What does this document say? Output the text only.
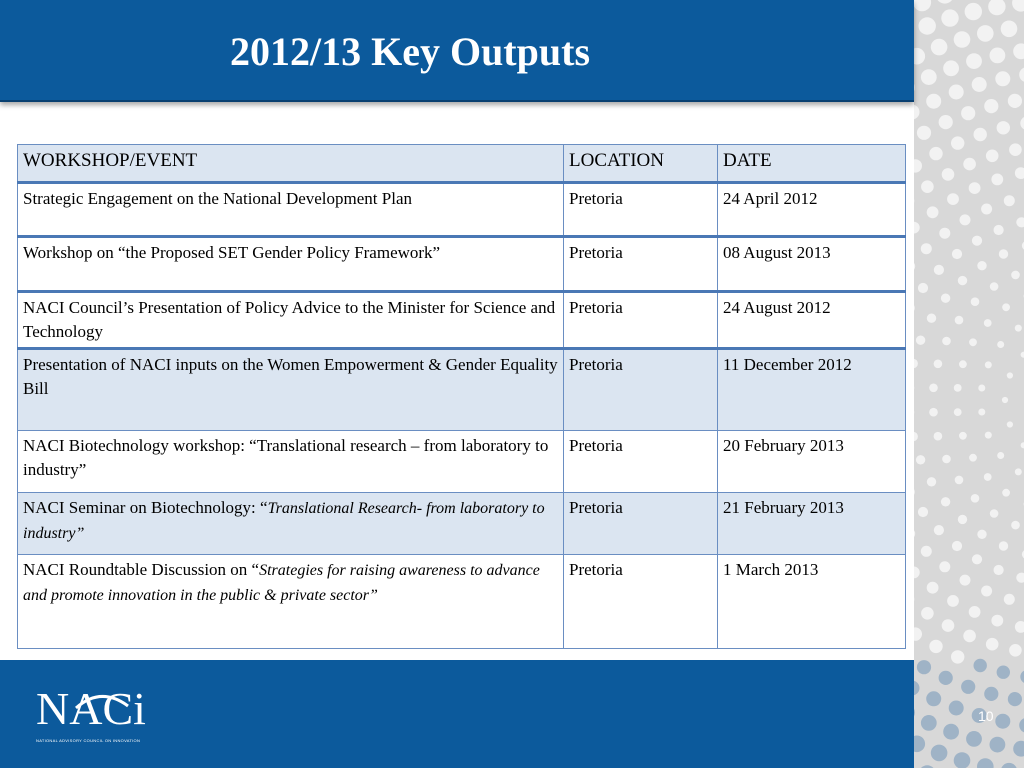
2012/13 Key Outputs
WORKSHOP/EVENT	LOCATION	DATE
Strategic Engagement on the National Development Plan	Pretoria	24 April 2012
Workshop on “the Proposed SET Gender Policy Framework”	Pretoria	08 August 2013
NACI Council’s Presentation of Policy Advice to the Minister for Science and Technology	Pretoria	24 August 2012
Presentation of NACI inputs on the Women Empowerment & Gender Equality Bill	Pretoria	11 December 2012
NACI Biotechnology workshop: “Translational research – from laboratory to industry”	Pretoria	20 February 2013
NACI Seminar on Biotechnology: “Translational Research- from laboratory to industry”	Pretoria	21 February 2013
NACI Roundtable Discussion on “Strategies for raising awareness to advance and promote innovation in the public & private sector”	Pretoria	1 March 2013
NACi
NATIONAL ADVISORY COUNCIL ON INNOVATION
10
